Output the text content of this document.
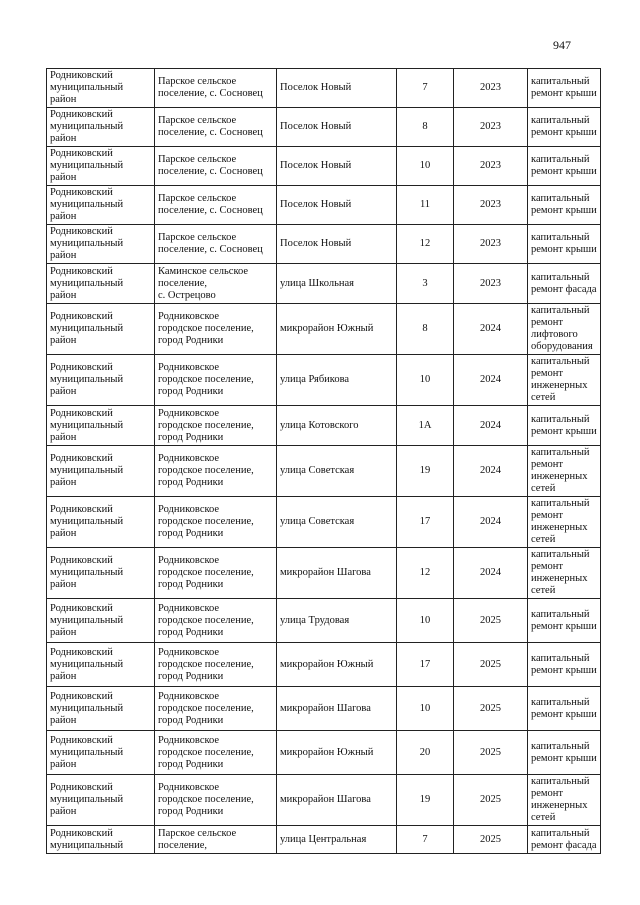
947
Родниковский
муниципальный
район	Парское сельское
поселение, с. Сосновец	Поселок Новый	7	2023	капитальный
ремонт крыши
Родниковский
муниципальный
район	Парское сельское
поселение, с. Сосновец	Поселок Новый	8	2023	капитальный
ремонт крыши
Родниковский
муниципальный
район	Парское сельское
поселение, с. Сосновец	Поселок Новый	10	2023	капитальный
ремонт крыши
Родниковский
муниципальный
район	Парское сельское
поселение, с. Сосновец	Поселок Новый	11	2023	капитальный
ремонт крыши
Родниковский
муниципальный
район	Парское сельское
поселение, с. Сосновец	Поселок Новый	12	2023	капитальный
ремонт крыши
Родниковский
муниципальный
район	Каминское сельское
поселение,
с. Острецово	улица Школьная	3	2023	капитальный
ремонт фасада
Родниковский
муниципальный
район	Родниковское
городское поселение,
город Родники	микрорайон Южный	8	2024	капитальный
ремонт
лифтового
оборудования
Родниковский
муниципальный
район	Родниковское
городское поселение,
город Родники	улица Рябикова	10	2024	капитальный
ремонт
инженерных
сетей
Родниковский
муниципальный
район	Родниковское
городское поселение,
город Родники	улица Котовского	1А	2024	капитальный
ремонт крыши
Родниковский
муниципальный
район	Родниковское
городское поселение,
город Родники	улица Советская	19	2024	капитальный
ремонт
инженерных
сетей
Родниковский
муниципальный
район	Родниковское
городское поселение,
город Родники	улица Советская	17	2024	капитальный
ремонт
инженерных
сетей
Родниковский
муниципальный
район	Родниковское
городское поселение,
город Родники	микрорайон Шагова	12	2024	капитальный
ремонт
инженерных
сетей
Родниковский
муниципальный
район	Родниковское
городское поселение,
город Родники	улица Трудовая	10	2025	капитальный
ремонт крыши
Родниковский
муниципальный
район	Родниковское
городское поселение,
город Родники	микрорайон Южный	17	2025	капитальный
ремонт крыши
Родниковский
муниципальный
район	Родниковское
городское поселение,
город Родники	микрорайон Шагова	10	2025	капитальный
ремонт крыши
Родниковский
муниципальный
район	Родниковское
городское поселение,
город Родники	микрорайон Южный	20	2025	капитальный
ремонт крыши
Родниковский
муниципальный
район	Родниковское
городское поселение,
город Родники	микрорайон Шагова	19	2025	капитальный
ремонт
инженерных
сетей
Родниковский
муниципальный	Парское сельское
поселение,	улица Центральная	7	2025	капитальный
ремонт фасада
